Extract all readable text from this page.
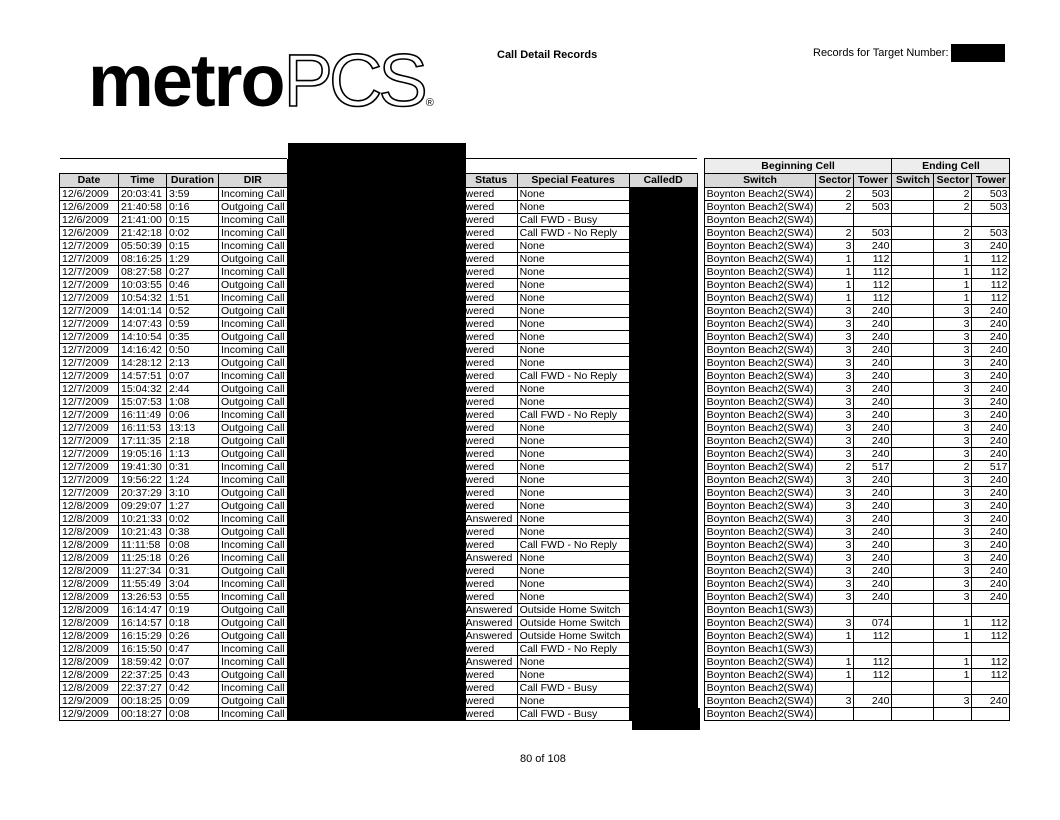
metro PCS ®
Call Detail Records	Records for Target Number:
9
									Beginning Cell			Ending Cell		
Date	Time	Duration	DIR		Status	Special Features	CalledD		Switch	Sector	Tower	Switch	Sector	Tower
12/6/2009	20:03:41	3:59	Incoming Call		wered	None			Boynton Beach2(SW4)	2	503		2	503
12/6/2009	21:40:58	0:16	Outgoing Call		wered	None			Boynton Beach2(SW4)	2	503		2	503
12/6/2009	21:41:00	0:15	Incoming Call		wered	Call FWD - Busy			Boynton Beach2(SW4)					
12/6/2009	21:42:18	0:02	Incoming Call		wered	Call FWD - No Reply			Boynton Beach2(SW4)	2	503		2	503
12/7/2009	05:50:39	0:15	Incoming Call		wered	None			Boynton Beach2(SW4)	3	240		3	240
12/7/2009	08:16:25	1:29	Outgoing Call		wered	None			Boynton Beach2(SW4)	1	112		1	112
12/7/2009	08:27:58	0:27	Incoming Call		wered	None			Boynton Beach2(SW4)	1	112		1	112
12/7/2009	10:03:55	0:46	Outgoing Call		wered	None			Boynton Beach2(SW4)	1	112		1	112
12/7/2009	10:54:32	1:51	Incoming Call		wered	None			Boynton Beach2(SW4)	1	112		1	112
12/7/2009	14:01:14	0:52	Outgoing Call		wered	None			Boynton Beach2(SW4)	3	240		3	240
12/7/2009	14:07:43	0:59	Incoming Call		wered	None			Boynton Beach2(SW4)	3	240		3	240
12/7/2009	14:10:54	0:35	Outgoing Call		wered	None			Boynton Beach2(SW4)	3	240		3	240
12/7/2009	14:16:42	0:50	Incoming Call		wered	None			Boynton Beach2(SW4)	3	240		3	240
12/7/2009	14:28:12	2:13	Outgoing Call		wered	None			Boynton Beach2(SW4)	3	240		3	240
12/7/2009	14:57:51	0:07	Incoming Call		wered	Call FWD - No Reply			Boynton Beach2(SW4)	3	240		3	240
12/7/2009	15:04:32	2:44	Outgoing Call		wered	None			Boynton Beach2(SW4)	3	240		3	240
12/7/2009	15:07:53	1:08	Outgoing Call		wered	None			Boynton Beach2(SW4)	3	240		3	240
12/7/2009	16:11:49	0:06	Incoming Call		wered	Call FWD - No Reply			Boynton Beach2(SW4)	3	240		3	240
12/7/2009	16:11:53	13:13	Outgoing Call		wered	None			Boynton Beach2(SW4)	3	240		3	240
12/7/2009	17:11:35	2:18	Outgoing Call		wered	None			Boynton Beach2(SW4)	3	240		3	240
12/7/2009	19:05:16	1:13	Outgoing Call		wered	None			Boynton Beach2(SW4)	3	240		3	240
12/7/2009	19:41:30	0:31	Incoming Call		wered	None			Boynton Beach2(SW4)	2	517		2	517
12/7/2009	19:56:22	1:24	Incoming Call		wered	None			Boynton Beach2(SW4)	3	240		3	240
12/7/2009	20:37:29	3:10	Outgoing Call		wered	None			Boynton Beach2(SW4)	3	240		3	240
12/8/2009	09:29:07	1:27	Outgoing Call		wered	None			Boynton Beach2(SW4)	3	240		3	240
12/8/2009	10:21:33	0:02	Incoming Call		Answered	None			Boynton Beach2(SW4)	3	240		3	240
12/8/2009	10:21:43	0:38	Outgoing Call		wered	None			Boynton Beach2(SW4)	3	240		3	240
12/8/2009	11:11:58	0:08	Incoming Call		wered	Call FWD - No Reply			Boynton Beach2(SW4)	3	240		3	240
12/8/2009	11:25:18	0:26	Incoming Call		Answered	None			Boynton Beach2(SW4)	3	240		3	240
12/8/2009	11:27:34	0:31	Outgoing Call		wered	None			Boynton Beach2(SW4)	3	240		3	240
12/8/2009	11:55:49	3:04	Incoming Call		wered	None			Boynton Beach2(SW4)	3	240		3	240
12/8/2009	13:26:53	0:55	Incoming Call		wered	None			Boynton Beach2(SW4)	3	240		3	240
12/8/2009	16:14:47	0:19	Outgoing Call		Answered	Outside Home Switch			Boynton Beach1(SW3)					
12/8/2009	16:14:57	0:18	Outgoing Call		Answered	Outside Home Switch			Boynton Beach2(SW4)	3	074		1	112
12/8/2009	16:15:29	0:26	Outgoing Call		Answered	Outside Home Switch			Boynton Beach2(SW4)	1	112		1	112
12/8/2009	16:15:50	0:47	Incoming Call		wered	Call FWD - No Reply			Boynton Beach1(SW3)					
12/8/2009	18:59:42	0:07	Incoming Call		Answered	None			Boynton Beach2(SW4)	1	112		1	112
12/8/2009	22:37:25	0:43	Outgoing Call		wered	None			Boynton Beach2(SW4)	1	112		1	112
12/8/2009	22:37:27	0:42	Incoming Call		wered	Call FWD - Busy			Boynton Beach2(SW4)					
12/9/2009	00:18:25	0:09	Outgoing Call		wered	None			Boynton Beach2(SW4)	3	240		3	240
12/9/2009	00:18:27	0:08	Incoming Call		wered	Call FWD - Busy			Boynton Beach2(SW4)					
80 of 108
